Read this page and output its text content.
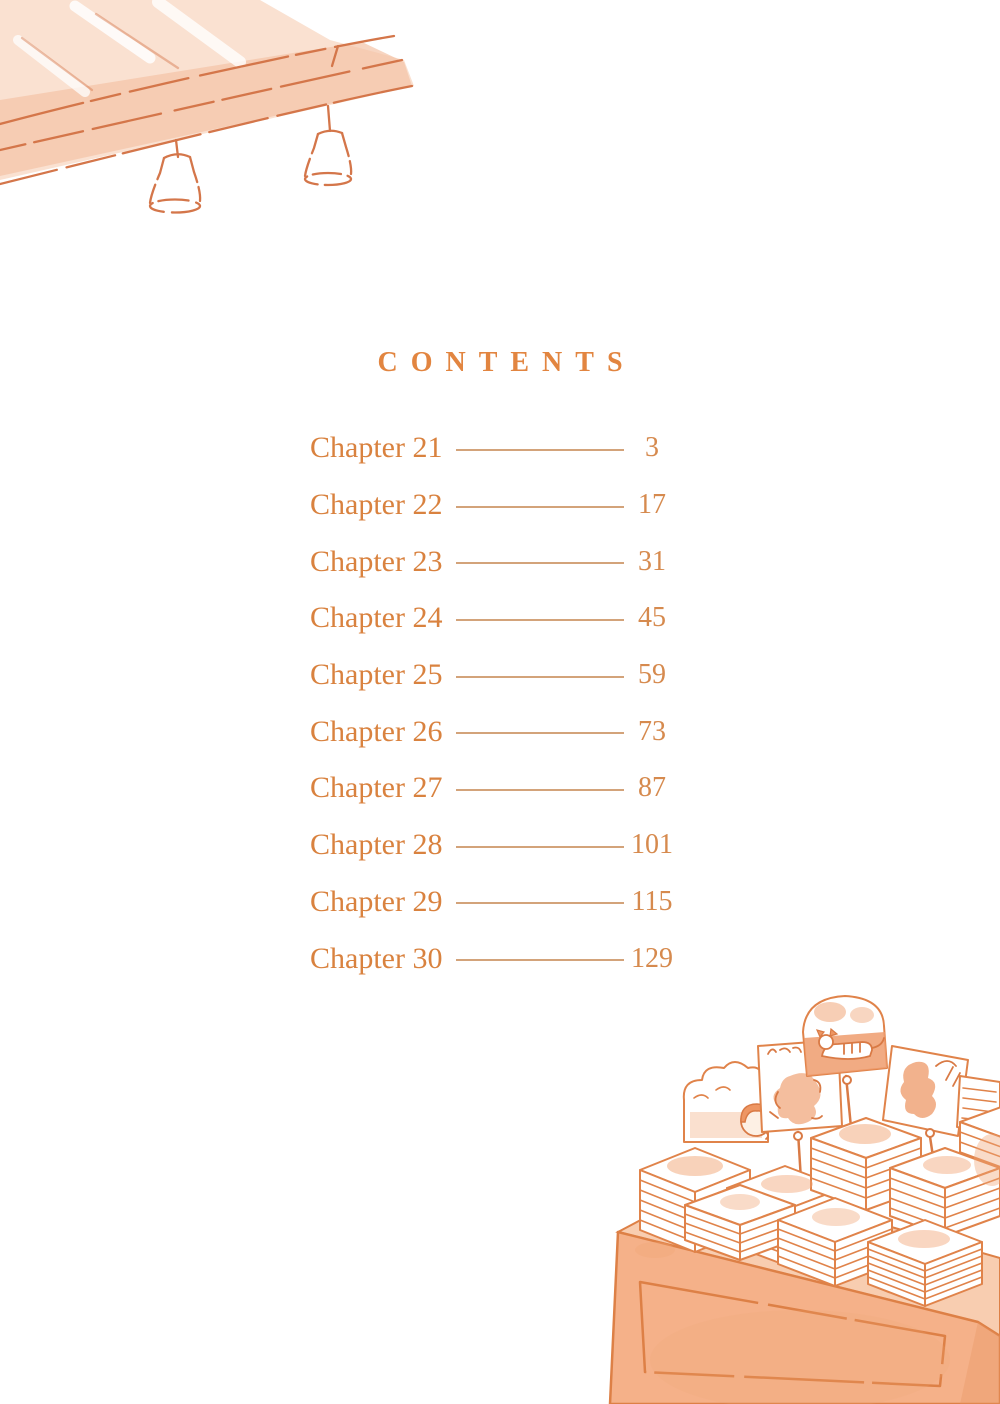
CONTENTS
Chapter 21	3
Chapter 22	17
Chapter 23	31
Chapter 24	45
Chapter 25	59
Chapter 26	73
Chapter 27	87
Chapter 28	101
Chapter 29	115
Chapter 30	129
